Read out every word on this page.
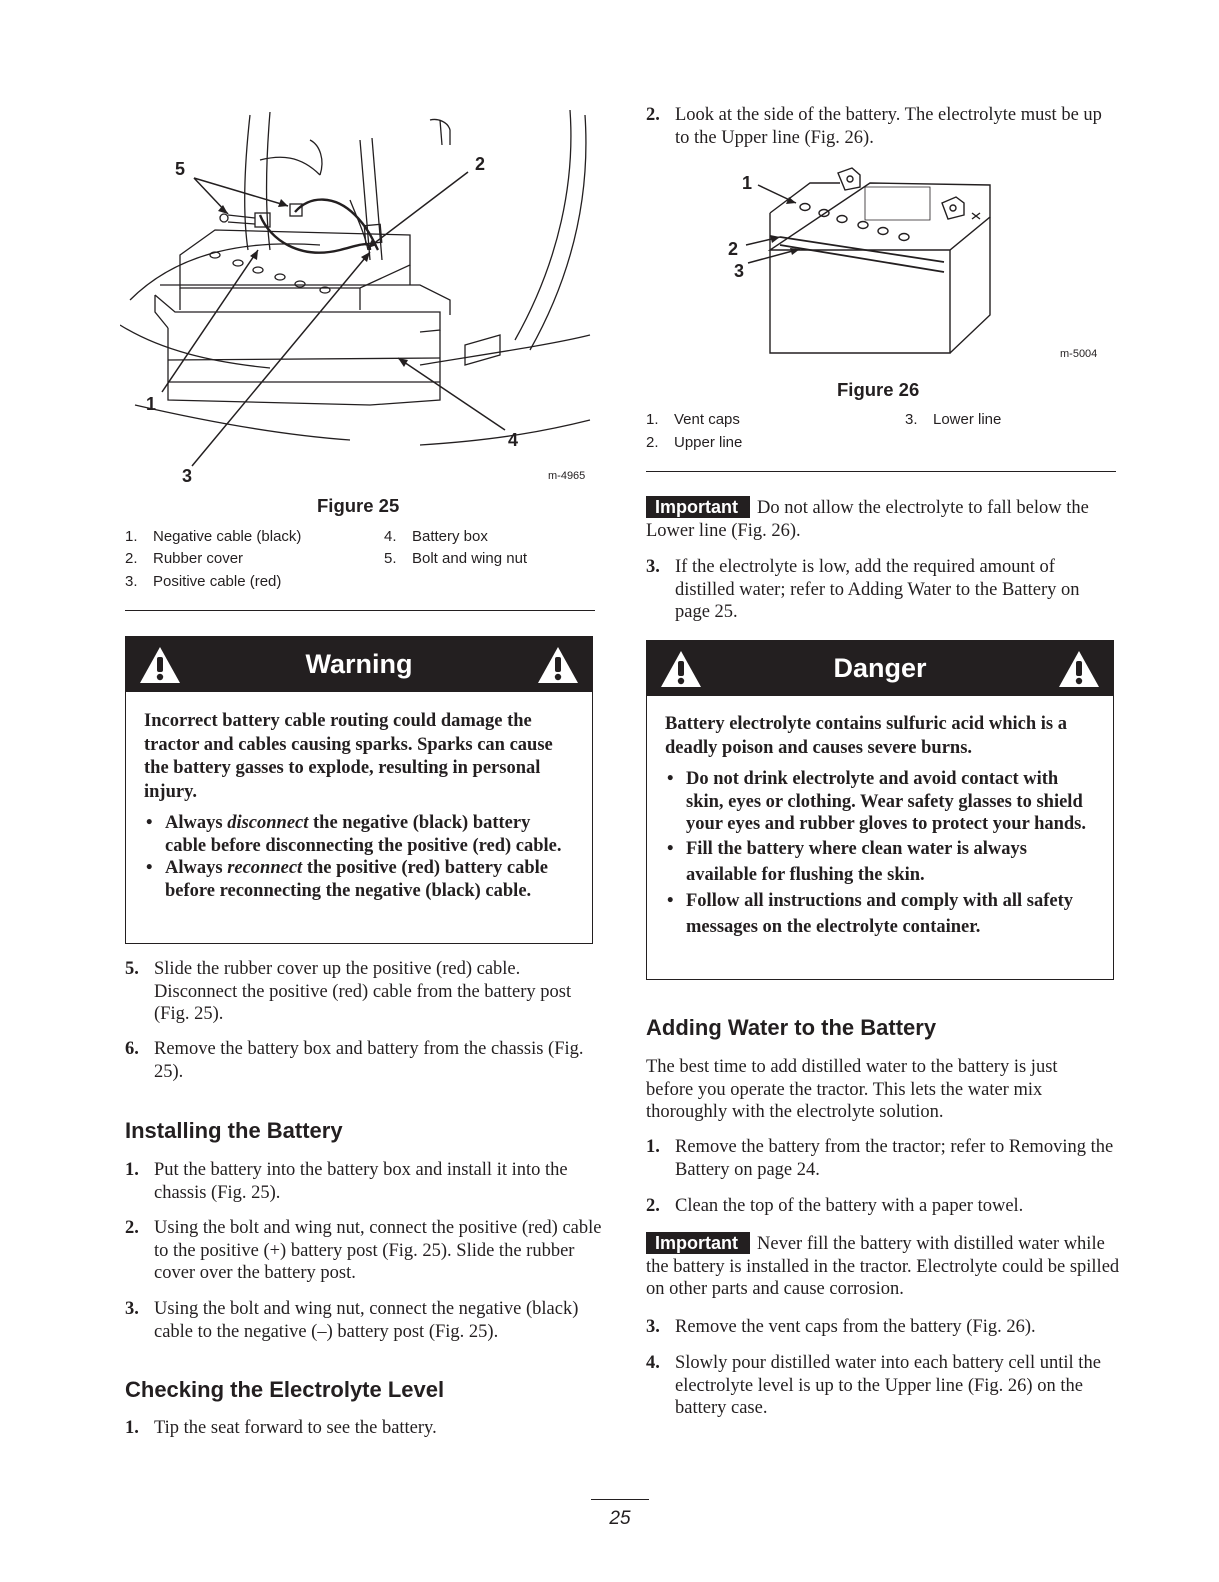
5	2
1
4
3	m-4965
Figure 25
1. Negative cable (black)
2. Rubber cover
3. Positive cable (red)
4. Battery box
5. Bolt and wing nut
Warning
Incorrect battery cable routing could damage the tractor and cables causing sparks. Sparks can cause the battery gasses to explode, resulting in personal injury.
• Always disconnect the negative (black) battery cable before disconnecting the positive (red) cable.
• Always reconnect the positive (red) battery cable before reconnecting the negative (black) cable.
5. Slide the rubber cover up the positive (red) cable. Disconnect the positive (red) cable from the battery post (Fig. 25).
6. Remove the battery box and battery from the chassis (Fig. 25).
Installing the Battery
1. Put the battery into the battery box and install it into the chassis (Fig. 25).
2. Using the bolt and wing nut, connect the positive (red) cable to the positive (+) battery post (Fig. 25). Slide the rubber cover over the battery post.
3. Using the bolt and wing nut, connect the negative (black) cable to the negative (–) battery post (Fig. 25).
Checking the Electrolyte Level
1. Tip the seat forward to see the battery.
2. Look at the side of the battery. The electrolyte must be up to the Upper line (Fig. 26).
1
2
3
m-5004
Figure 26
1. Vent caps
2. Upper line
3. Lower line
Important Do not allow the electrolyte to fall below the Lower line (Fig. 26).
3. If the electrolyte is low, add the required amount of distilled water; refer to Adding Water to the Battery on page 25.
Danger
Battery electrolyte contains sulfuric acid which is a deadly poison and causes severe burns.
• Do not drink electrolyte and avoid contact with skin, eyes or clothing. Wear safety glasses to shield your eyes and rubber gloves to protect your hands.
• Fill the battery where clean water is always available for flushing the skin.
• Follow all instructions and comply with all safety messages on the electrolyte container.
Adding Water to the Battery
The best time to add distilled water to the battery is just before you operate the tractor. This lets the water mix thoroughly with the electrolyte solution.
1. Remove the battery from the tractor; refer to Removing the Battery on page 24.
2. Clean the top of the battery with a paper towel.
Important Never fill the battery with distilled water while the battery is installed in the tractor. Electrolyte could be spilled on other parts and cause corrosion.
3. Remove the vent caps from the battery (Fig. 26).
4. Slowly pour distilled water into each battery cell until the electrolyte level is up to the Upper line (Fig. 26) on the battery case.
25
